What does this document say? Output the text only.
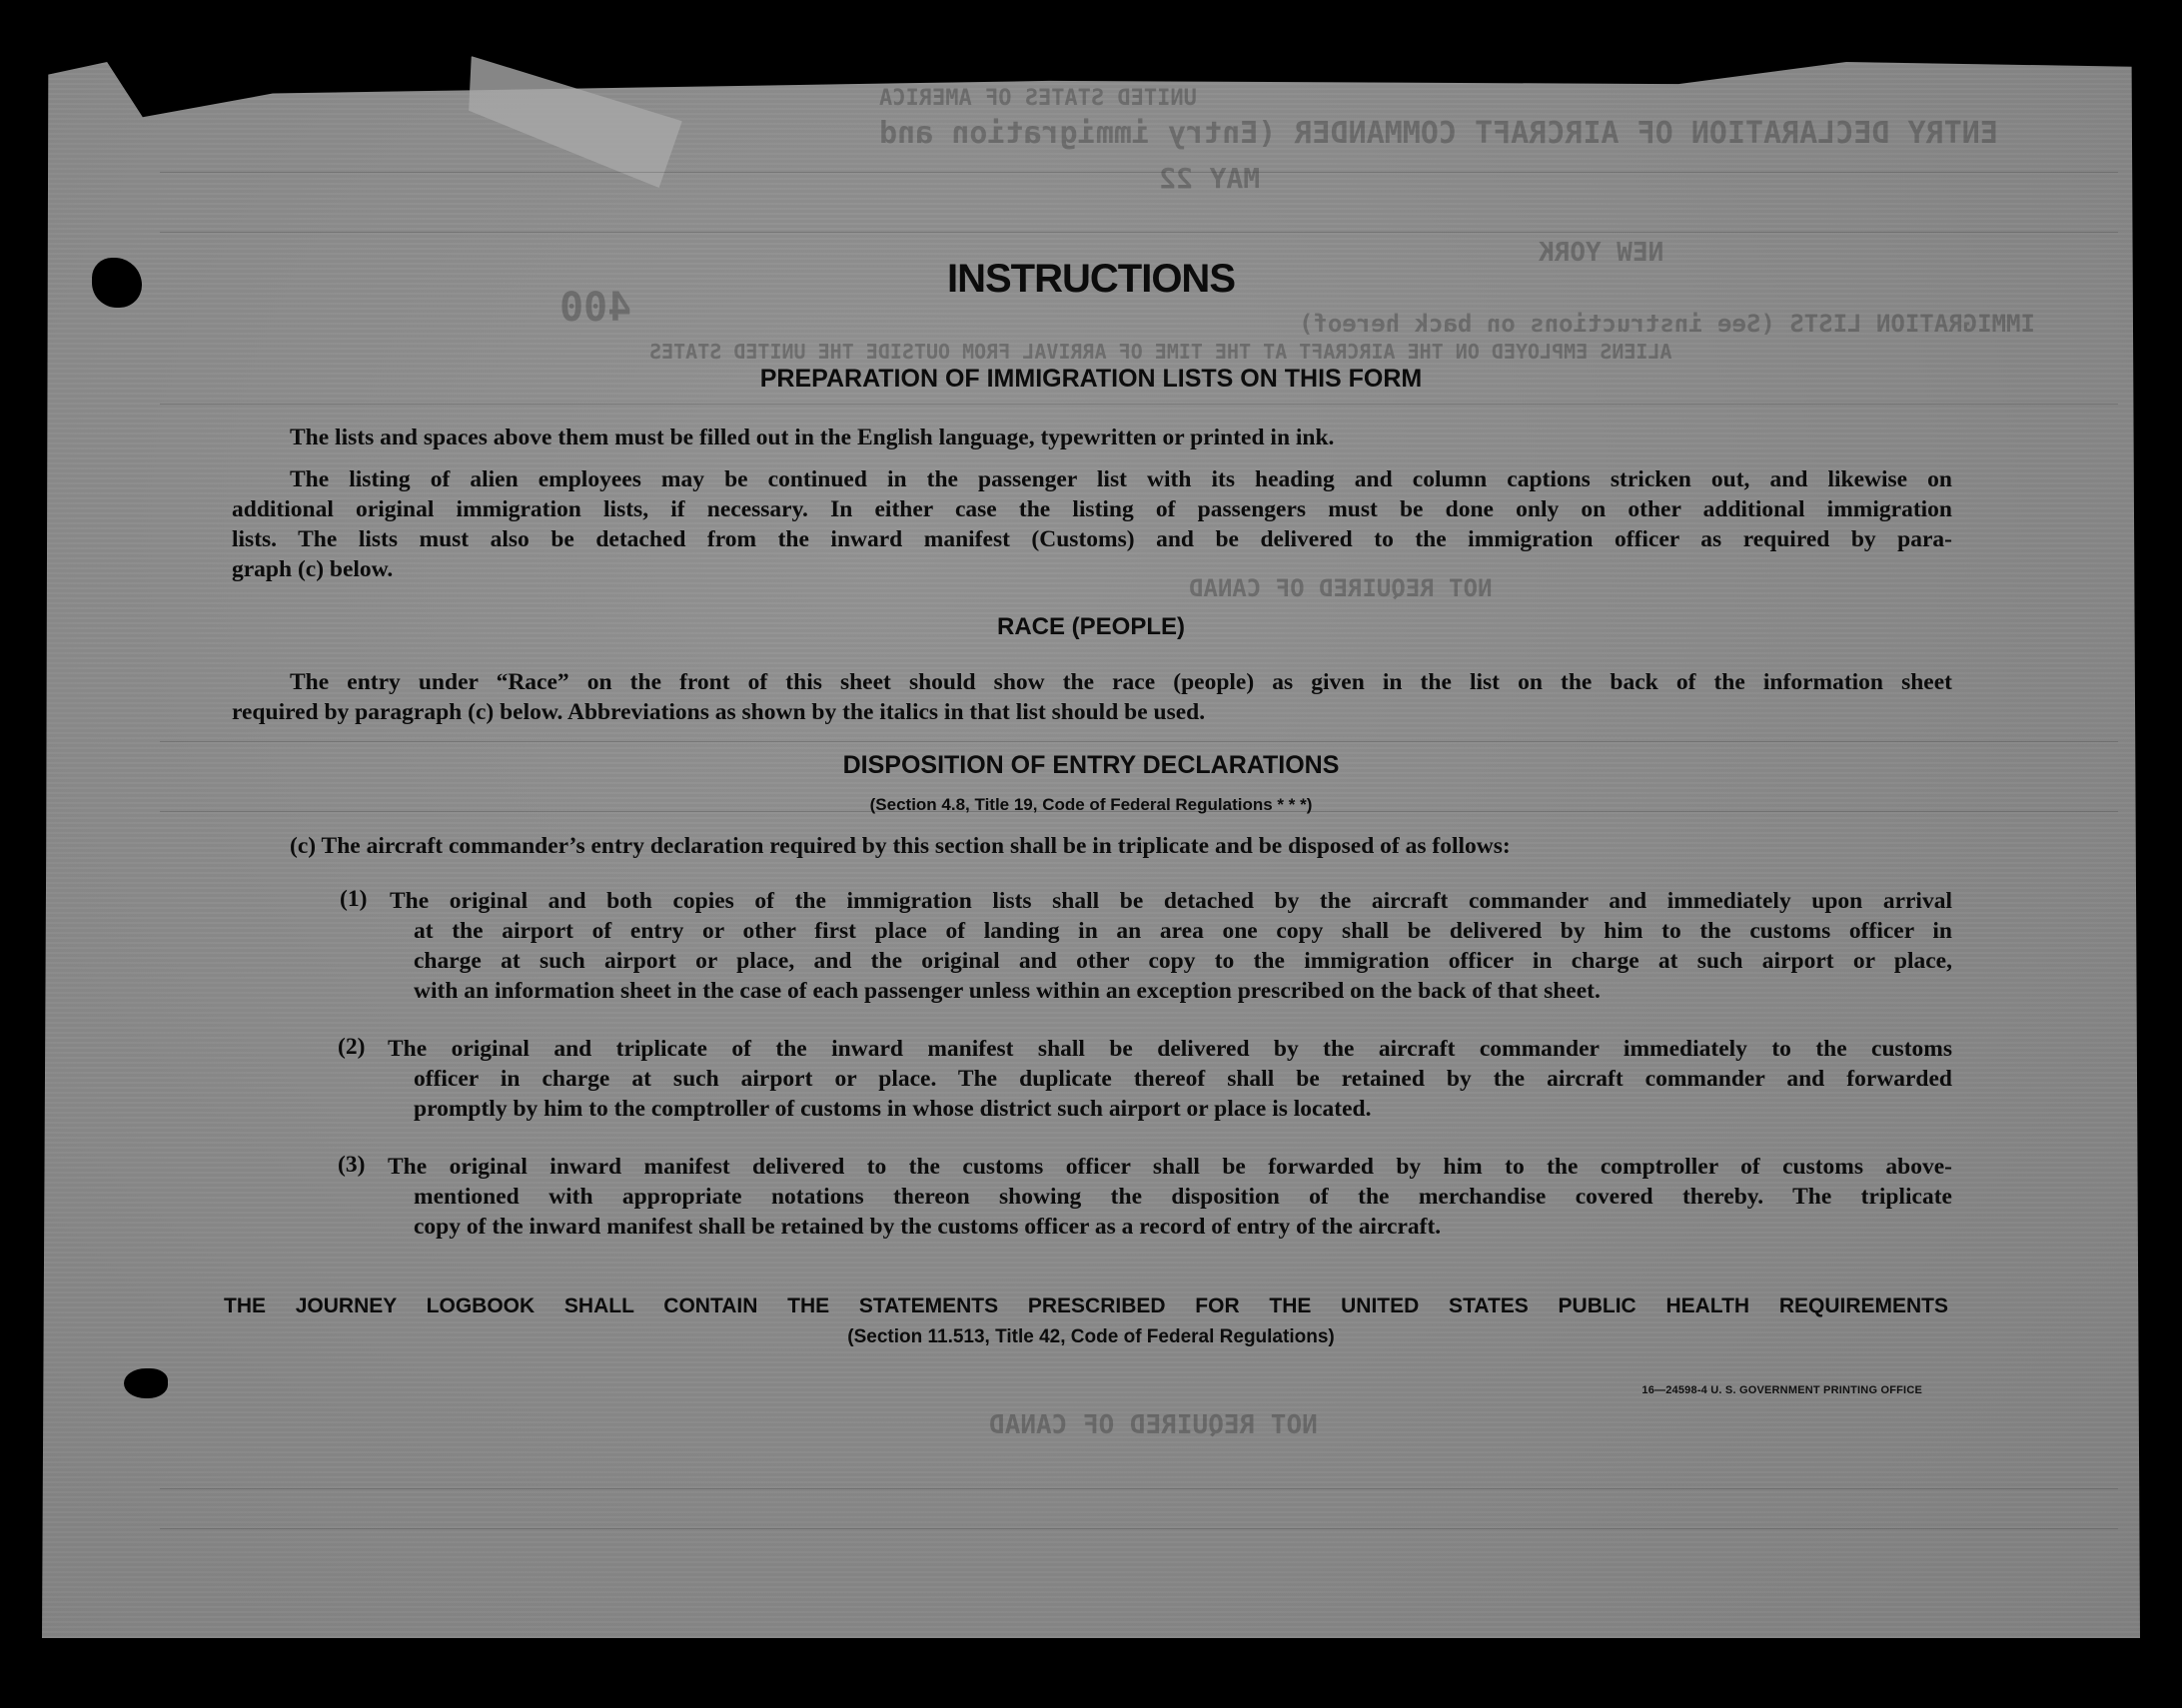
UNITED STATES OF AMERICA
ENTRY DECLARATION OF AIRCRAFT COMMANDER (Entry immigration and
MAY 22
NEW YORK
400	IMMIGRATION LISTS (See instructions on back hereof)
ALIENS EMPLOYED ON THE AIRCRAFT AT THE TIME OF ARRIVAL FROM OUTSIDE THE UNITED STATES
NOT REQUIRED OF CANAD
NOT REQUIRED OF CANAD
INSTRUCTIONS
PREPARATION OF IMMIGRATION LISTS ON THIS FORM
The lists and spaces above them must be filled out in the English language, typewritten or printed in ink.
The listing of alien employees may be continued in the passenger list with its heading and column captions stricken out, and likewise on
additional original immigration lists, if necessary. In either case the listing of passengers must be done only on other additional immigration
lists. The lists must also be detached from the inward manifest (Customs) and be delivered to the immigration officer as required by para-
graph (c) below.
RACE (PEOPLE)
The entry under “Race” on the front of this sheet should show the race (people) as given in the list on the back of the information sheet
required by paragraph (c) below. Abbreviations as shown by the italics in that list should be used.
DISPOSITION OF ENTRY DECLARATIONS
(Section 4.8, Title 19, Code of Federal Regulations * * *)
(c) The aircraft commander’s entry declaration required by this section shall be in triplicate and be disposed of as follows:
(1) The original and both copies of the immigration lists shall be detached by the aircraft commander and immediately upon arrival
at the airport of entry or other first place of landing in an area one copy shall be delivered by him to the customs officer in
charge at such airport or place, and the original and other copy to the immigration officer in charge at such airport or place,
with an information sheet in the case of each passenger unless within an exception prescribed on the back of that sheet.
(2) The original and triplicate of the inward manifest shall be delivered by the aircraft commander immediately to the customs
officer in charge at such airport or place. The duplicate thereof shall be retained by the aircraft commander and forwarded
promptly by him to the comptroller of customs in whose district such airport or place is located.
(3) The original inward manifest delivered to the customs officer shall be forwarded by him to the comptroller of customs above-
mentioned with appropriate notations thereon showing the disposition of the merchandise covered thereby. The triplicate
copy of the inward manifest shall be retained by the customs officer as a record of entry of the aircraft.
THE JOURNEY LOGBOOK SHALL CONTAIN THE STATEMENTS PRESCRIBED FOR THE UNITED STATES PUBLIC HEALTH REQUIREMENTS
(Section 11.513, Title 42, Code of Federal Regulations)
16—24598-4 U. S. GOVERNMENT PRINTING OFFICE
